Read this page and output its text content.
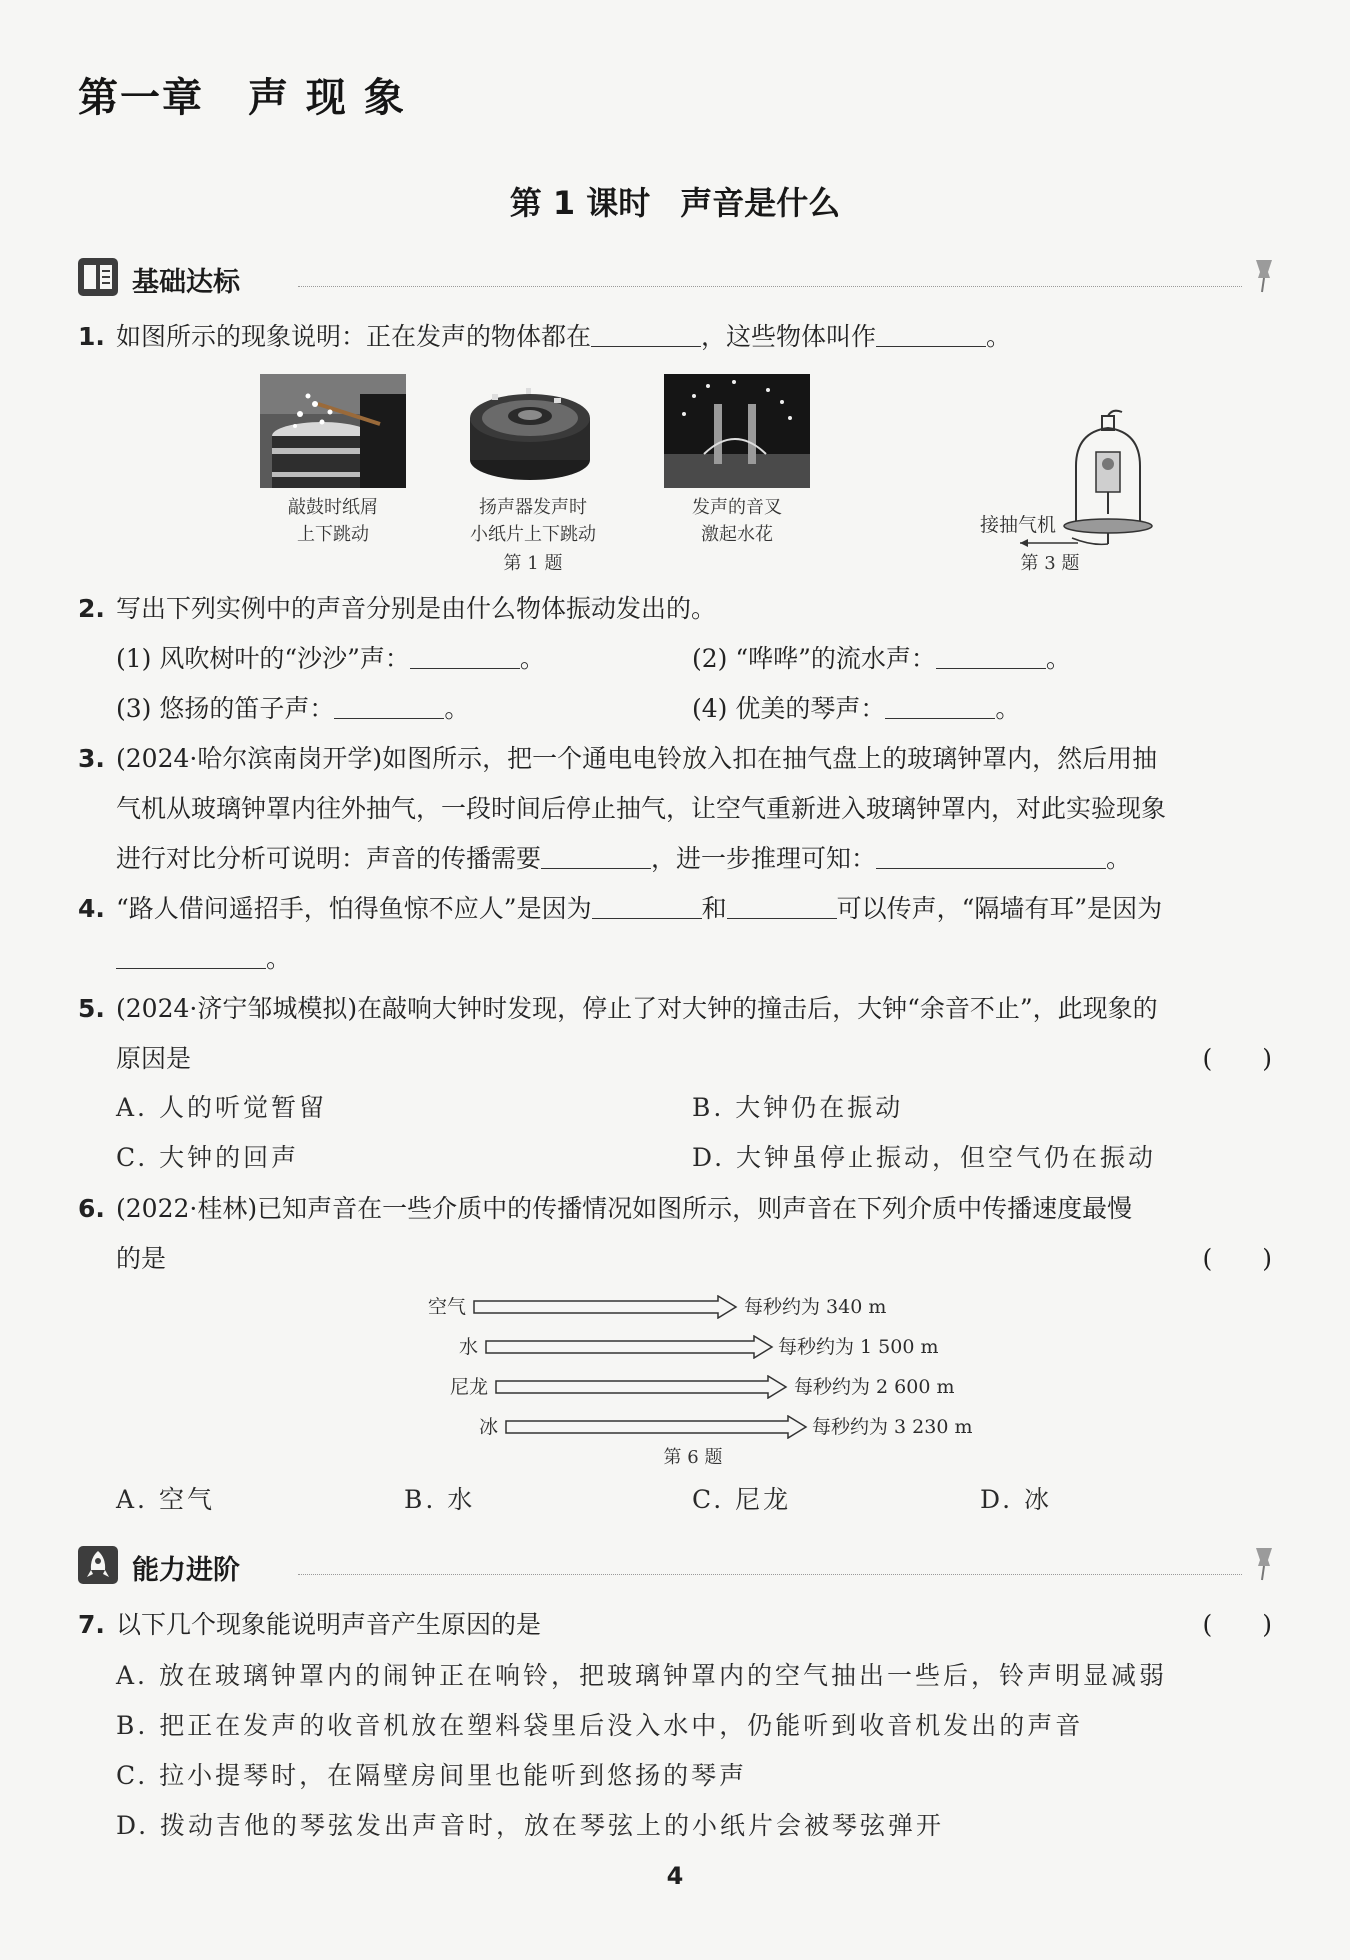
第一章 声 现 象
第 1 课时 声音是什么
基础达标
1. 如图所示的现象说明：正在发声的物体都在	，这些物体叫作	。
敲鼓时纸屑
上下跳动
扬声器发声时
小纸片上下跳动
发声的音叉
激起水花
第 1 题
接抽气机
第 3 题
2. 写出下列实例中的声音分别是由什么物体振动发出的。
(1) 风吹树叶的“沙沙”声：	。	(2) “哗哗”的流水声：	。
(3) 悠扬的笛子声：	。	(4) 优美的琴声：	。
3. (2024·哈尔滨南岗开学)如图所示，把一个通电电铃放入扣在抽气盘上的玻璃钟罩内，然后用抽
气机从玻璃钟罩内往外抽气，一段时间后停止抽气，让空气重新进入玻璃钟罩内，对此实验现象
进行对比分析可说明：声音的传播需要	，进一步推理可知：	。
4. “路人借问遥招手，怕得鱼惊不应人”是因为	和	可以传声，“隔墙有耳”是因为
。
5. (2024·济宁邹城模拟)在敲响大钟时发现，停止了对大钟的撞击后，大钟“余音不止”，此现象的
原因是	(　　)
A. 人的听觉暂留	B. 大钟仍在振动
C. 大钟的回声	D. 大钟虽停止振动，但空气仍在振动
6. (2022·桂林)已知声音在一些介质中的传播情况如图所示，则声音在下列介质中传播速度最慢
的是	(　　)
空气	每秒约为 340 m
水	每秒约为 1 500 m
尼龙	每秒约为 2 600 m
冰	每秒约为 3 230 m
第 6 题
A. 空气	B. 水	C. 尼龙	D. 冰
能力进阶
7. 以下几个现象能说明声音产生原因的是	(　　)
A. 放在玻璃钟罩内的闹钟正在响铃，把玻璃钟罩内的空气抽出一些后，铃声明显减弱
B. 把正在发声的收音机放在塑料袋里后没入水中，仍能听到收音机发出的声音
C. 拉小提琴时，在隔壁房间里也能听到悠扬的琴声
D. 拨动吉他的琴弦发出声音时，放在琴弦上的小纸片会被琴弦弹开
4
